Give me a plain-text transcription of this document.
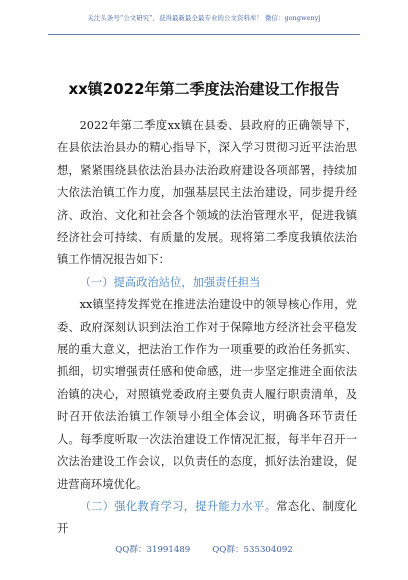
关注头条号“公文研究”，获得最新最全最专业的公文资料库！ 微信：gongwenyj
xx镇2022年第二季度法治建设工作报告

2022年第二季度xx镇在县委、县政府的正确领导下，在县依法治县办的精心指导下，深入学习贯彻习近平法治思想，紧紧围绕县依法治县办法治政府建设各项部署，持续加大依法治镇工作力度，加强基层民主法治建设，同步提升经济、政治、文化和社会各个领域的法治管理水平，促进我镇经济社会可持续、有质量的发展。现将第二季度我镇依法治镇工作情况报告如下：

（一）提高政治站位，加强责任担当

xx镇坚持发挥党在推进法治建设中的领导核心作用，党委、政府深刻认识到法治工作对于保障地方经济社会平稳发展的重大意义，把法治工作作为一项重要的政治任务抓实、抓细，切实增强责任感和使命感，进一步坚定推进全面依法治镇的决心，对照镇党委政府主要负责人履行职责清单，及时召开依法治镇工作领导小组全体会议，明确各环节责任人。每季度听取一次法治建设工作情况汇报，每半年召开一次法治建设工作会议，以负责任的态度，抓好法治建设，促进营商环境优化。

（二）强化教育学习，提升能力水平。常态化、制度化开

QQ群：31991489	QQ群：535304092
